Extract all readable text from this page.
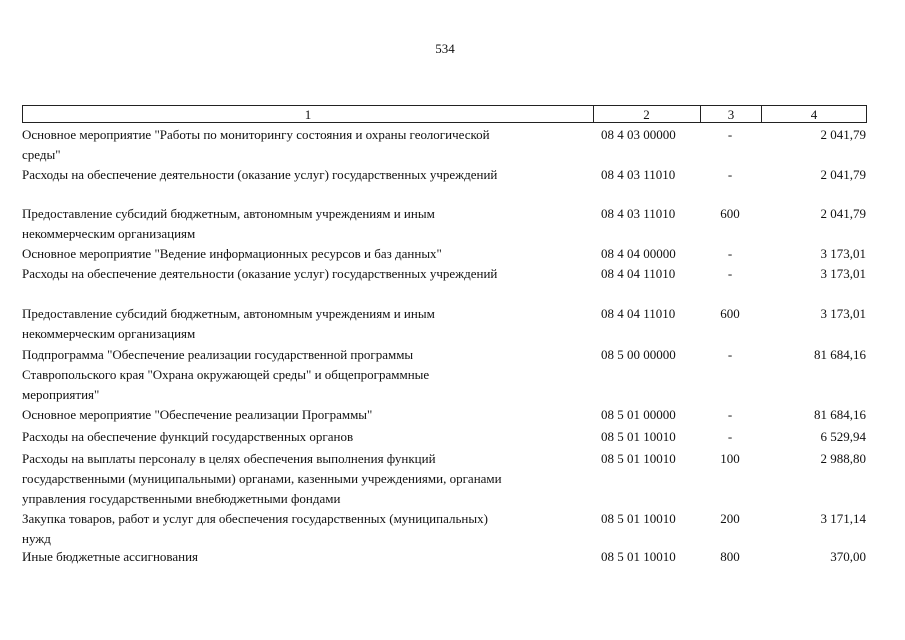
534
1	2	3	4
Основное мероприятие "Работы по мониторингу состояния и охраны геологической
среды"
08 4 03 00000	-	2 041,79
Расходы на обеспечение деятельности (оказание услуг) государственных учреждений	08 4 03 11010	-	2 041,79
Предоставление субсидий бюджетным, автономным учреждениям и иным
некоммерческим организациям
08 4 03 11010	600	2 041,79
Основное мероприятие "Ведение информационных ресурсов и баз данных"	08 4 04 00000	-	3 173,01
Расходы на обеспечение деятельности (оказание услуг) государственных учреждений	08 4 04 11010	-	3 173,01
Предоставление субсидий бюджетным, автономным учреждениям и иным
некоммерческим организациям
08 4 04 11010	600	3 173,01
Подпрограмма "Обеспечение реализации государственной программы
Ставропольского края "Охрана окружающей среды" и общепрограммные
мероприятия"
08 5 00 00000	-	81 684,16
Основное мероприятие "Обеспечение реализации Программы"	08 5 01 00000	-	81 684,16
Расходы на обеспечение функций государственных органов	08 5 01 10010	-	6 529,94
Расходы на выплаты персоналу в целях обеспечения выполнения функций
государственными (муниципальными) органами, казенными учреждениями, органами
управления государственными внебюджетными фондами
08 5 01 10010	100	2 988,80
Закупка товаров, работ и услуг для обеспечения государственных (муниципальных)
нужд
08 5 01 10010	200	3 171,14
Иные бюджетные ассигнования	08 5 01 10010	800	370,00
